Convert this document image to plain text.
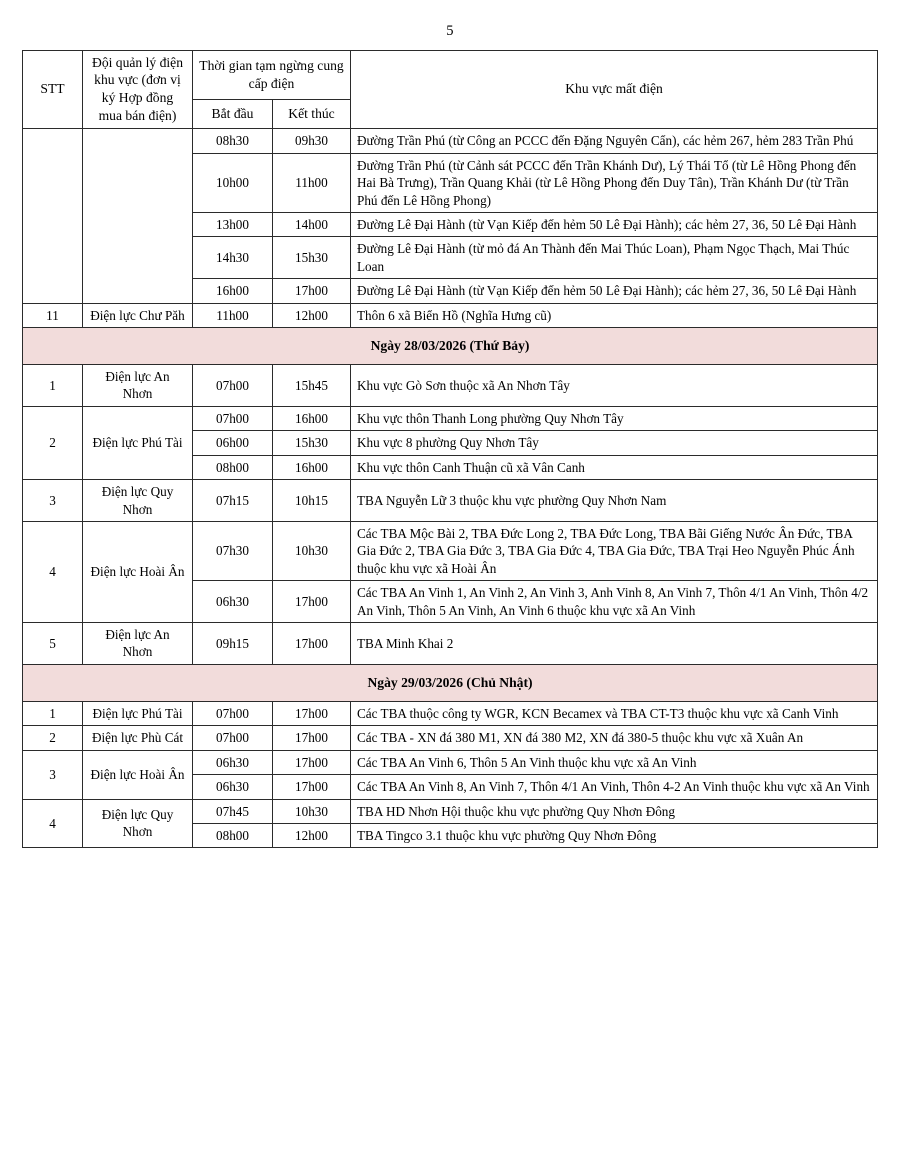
5
STT	Đội quản lý điện khu vực (đơn vị ký Hợp đồng mua bán điện)	Thời gian tạm ngừng cung cấp điện		Khu vực mất điện
		Bắt đầu	Kết thúc	
		08h30	09h30	Đường Trần Phú (từ Công an PCCC đến Đặng Nguyên Cẩn), các hẻm 267, hẻm 283 Trần Phú
		10h00	11h00	Đường Trần Phú (từ Cảnh sát PCCC đến Trần Khánh Dư), Lý Thái Tổ (từ Lê Hồng Phong đến Hai Bà Trưng), Trần Quang Khải (từ Lê Hồng Phong đến Duy Tân), Trần Khánh Dư (từ Trần Phú đến Lê Hồng Phong)
		13h00	14h00	Đường Lê Đại Hành (từ Vạn Kiếp đến hẻm 50 Lê Đại Hành); các hẻm 27, 36, 50 Lê Đại Hành
		14h30	15h30	Đường Lê Đại Hành (từ mỏ đá An Thành đến Mai Thúc Loan), Phạm Ngọc Thạch, Mai Thúc Loan
		16h00	17h00	Đường Lê Đại Hành (từ Vạn Kiếp đến hẻm 50 Lê Đại Hành); các hẻm 27, 36, 50 Lê Đại Hành
11	Điện lực Chư Păh	11h00	12h00	Thôn 6 xã Biển Hồ (Nghĩa Hưng cũ)
Ngày 28/03/2026 (Thứ Bảy)				
1	Điện lực An Nhơn	07h00	15h45	Khu vực Gò Sơn thuộc xã An Nhơn Tây
2	Điện lực Phú Tài	07h00	16h00	Khu vực thôn Thanh Long phường Quy Nhơn Tây
		06h00	15h30	Khu vực 8 phường Quy Nhơn Tây
		08h00	16h00	Khu vực thôn Canh Thuận cũ xã Vân Canh
3	Điện lực Quy Nhơn	07h15	10h15	TBA Nguyễn Lữ 3 thuộc khu vực phường Quy Nhơn Nam
4	Điện lực Hoài Ân	07h30	10h30	Các TBA Mộc Bài 2, TBA Đức Long 2, TBA Đức Long, TBA Bãi Giếng Nước Ân Đức, TBA Gia Đức 2, TBA Gia Đức 3, TBA Gia Đức 4, TBA Gia Đức, TBA Trại Heo Nguyễn Phúc Ánh thuộc khu vực xã Hoài Ân
		06h30	17h00	Các TBA An Vinh 1, An Vinh 2, An Vinh 3, Anh Vinh 8, An Vinh 7, Thôn 4/1 An Vinh, Thôn 4/2 An Vinh, Thôn 5 An Vinh, An Vinh 6 thuộc khu vực xã An Vinh
5	Điện lực An Nhơn	09h15	17h00	TBA Minh Khai 2
Ngày 29/03/2026 (Chủ Nhật)				
1	Điện lực Phú Tài	07h00	17h00	Các TBA thuộc công ty WGR, KCN Becamex và TBA CT-T3 thuộc khu vực xã Canh Vinh
2	Điện lực Phù Cát	07h00	17h00	Các TBA - XN đá 380 M1, XN đá 380 M2, XN đá 380-5 thuộc khu vực xã Xuân An
3	Điện lực Hoài Ân	06h30	17h00	Các TBA An Vinh 6, Thôn 5 An Vinh thuộc khu vực xã An Vinh
		06h30	17h00	Các TBA An Vinh 8, An Vinh 7, Thôn 4/1 An Vinh, Thôn 4-2 An Vinh thuộc khu vực xã An Vinh
4	Điện lực Quy Nhơn	07h45	10h30	TBA HD Nhơn Hội thuộc khu vực phường Quy Nhơn Đông
		08h00	12h00	TBA Tingco 3.1 thuộc khu vực phường Quy Nhơn Đông
